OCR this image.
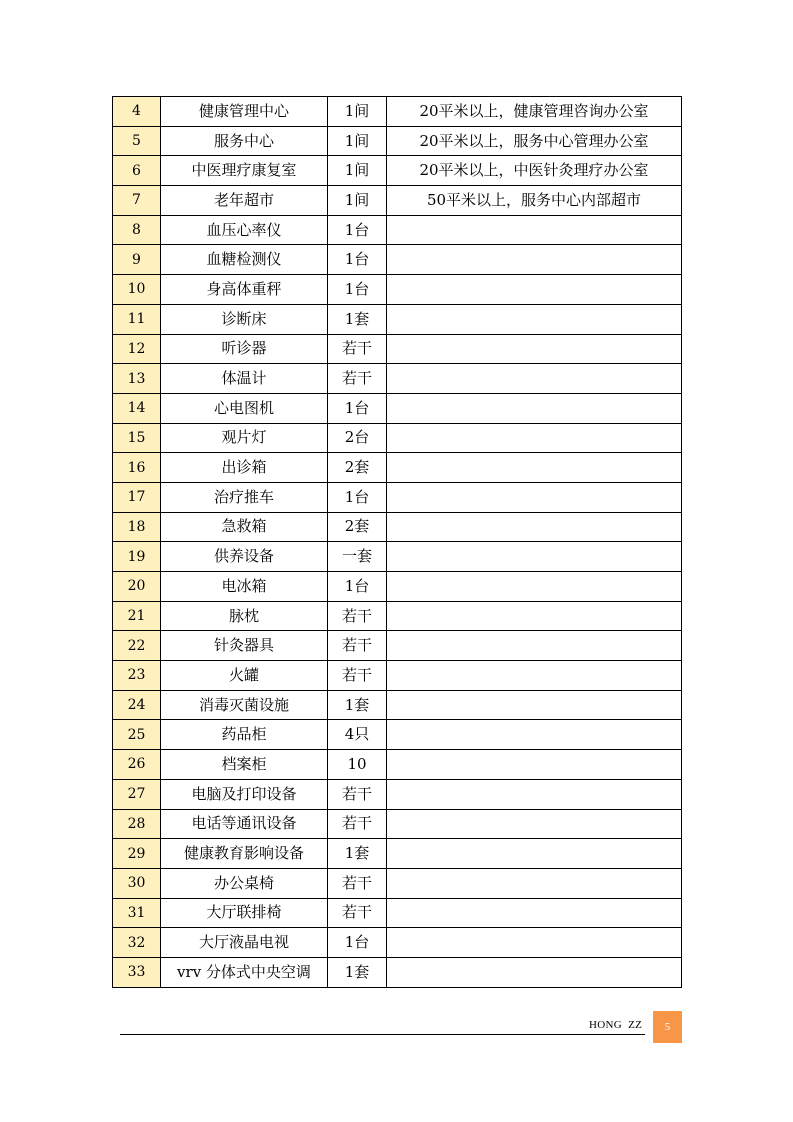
4	健康管理中心	1间	20平米以上，健康管理咨询办公室
5	服务中心	1间	20平米以上，服务中心管理办公室
6	中医理疗康复室	1间	20平米以上，中医针灸理疗办公室
7	老年超市	1间	50平米以上，服务中心内部超市
8	血压心率仪	1台	
9	血糖检测仪	1台	
10	身高体重秤	1台	
11	诊断床	1套	
12	听诊器	若干	
13	体温计	若干	
14	心电图机	1台	
15	观片灯	2台	
16	出诊箱	2套	
17	治疗推车	1台	
18	急救箱	2套	
19	供养设备	一套	
20	电冰箱	1台	
21	脉枕	若干	
22	针灸器具	若干	
23	火罐	若干	
24	消毒灭菌设施	1套	
25	药品柜	4只	
26	档案柜	10	
27	电脑及打印设备	若干	
28	电话等通讯设备	若干	
29	健康教育影响设备	1套	
30	办公桌椅	若干	
31	大厅联排椅	若干	
32	大厅液晶电视	1台	
33	vrv 分体式中央空调	1套	
HONG  ZZ	5
